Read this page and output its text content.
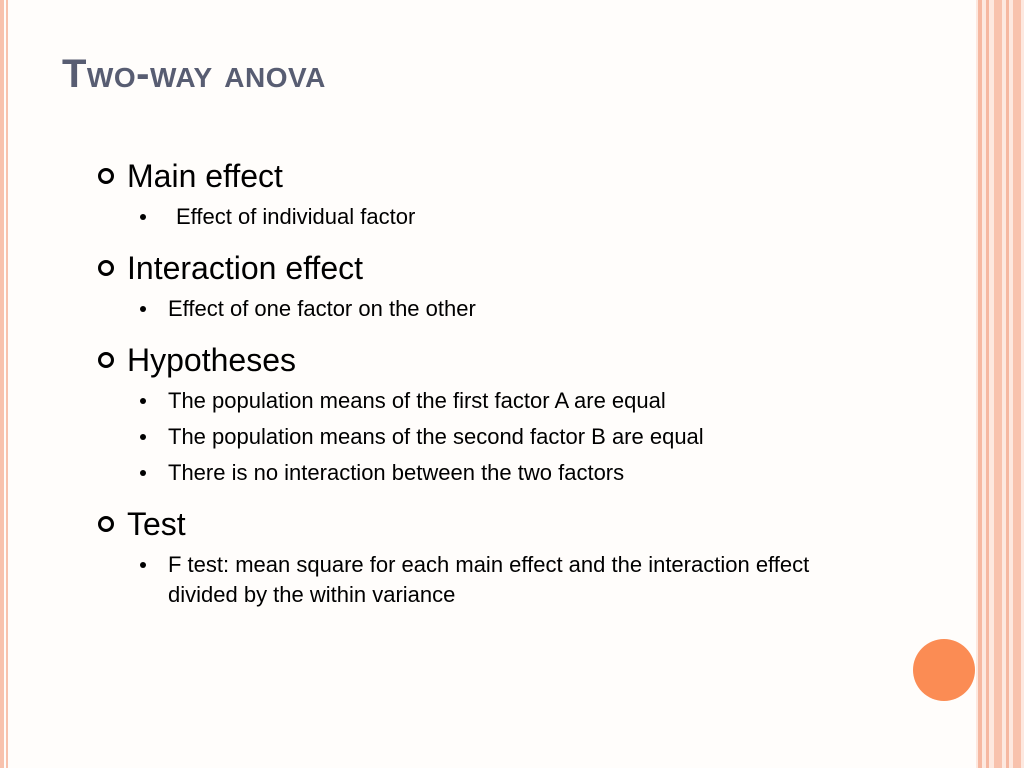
Two-way anova
Main effect
Effect of individual factor
Interaction effect
Effect of one factor on the other
Hypotheses
The population means of the first factor A are equal
The population means of the second factor B are equal
There is no interaction between the two factors
Test
F test: mean square for each main effect and the interaction effect divided by the within variance
